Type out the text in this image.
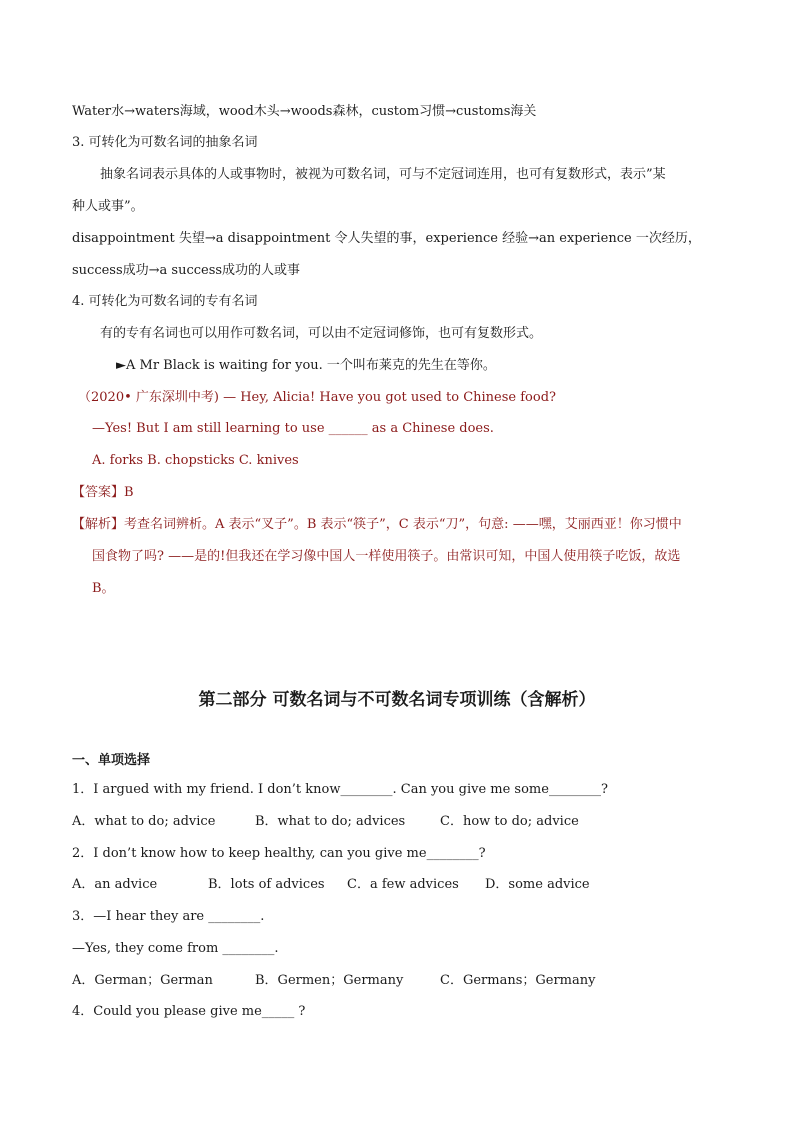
Water水→waters海域，wood木头→woods森林，custom习惯→customs海关
3. 可转化为可数名词的抽象名词
抽象名词表示具体的人或事物时，被视为可数名词，可与不定冠词连用，也可有复数形式，表示”某
种人或事”。
disappointment 失望→a disappointment 令人失望的事，experience 经验→an experience 一次经历，
success成功→a success成功的人或事
4. 可转化为可数名词的专有名词
有的专有名词也可以用作可数名词，可以由不定冠词修饰，也可有复数形式。
►A Mr Black is waiting for you. 一个叫布莱克的先生在等你。
（2020• 广东深圳中考) — Hey, Alicia! Have you got used to Chinese food?
—Yes! But I am still learning to use ______ as a Chinese does.
A. forks B. chopsticks C. knives
【答案】B
【解析】考查名词辨析。A 表示“叉子”。B 表示“筷子”，C 表示“刀”，句意: ——嘿，艾丽西亚！你习惯中
国食物了吗? ——是的!但我还在学习像中国人一样使用筷子。由常识可知，中国人使用筷子吃饭，故选
B。
第二部分 可数名词与不可数名词专项训练（含解析）
一、单项选择
1．I argued with my friend. I don’t know________. Can you give me some________?
A．what to do; advice	B．what to do; advices	C．how to do; advice
2．I don’t know how to keep healthy, can you give me________?
A．an advice	B．lots of advices C．a few advices D．some advice
3．—I hear they are ________.
—Yes, they come from ________.
A．German；German	B．Germen；Germany	C．Germans；Germany
4．Could you please give me_____ ?
